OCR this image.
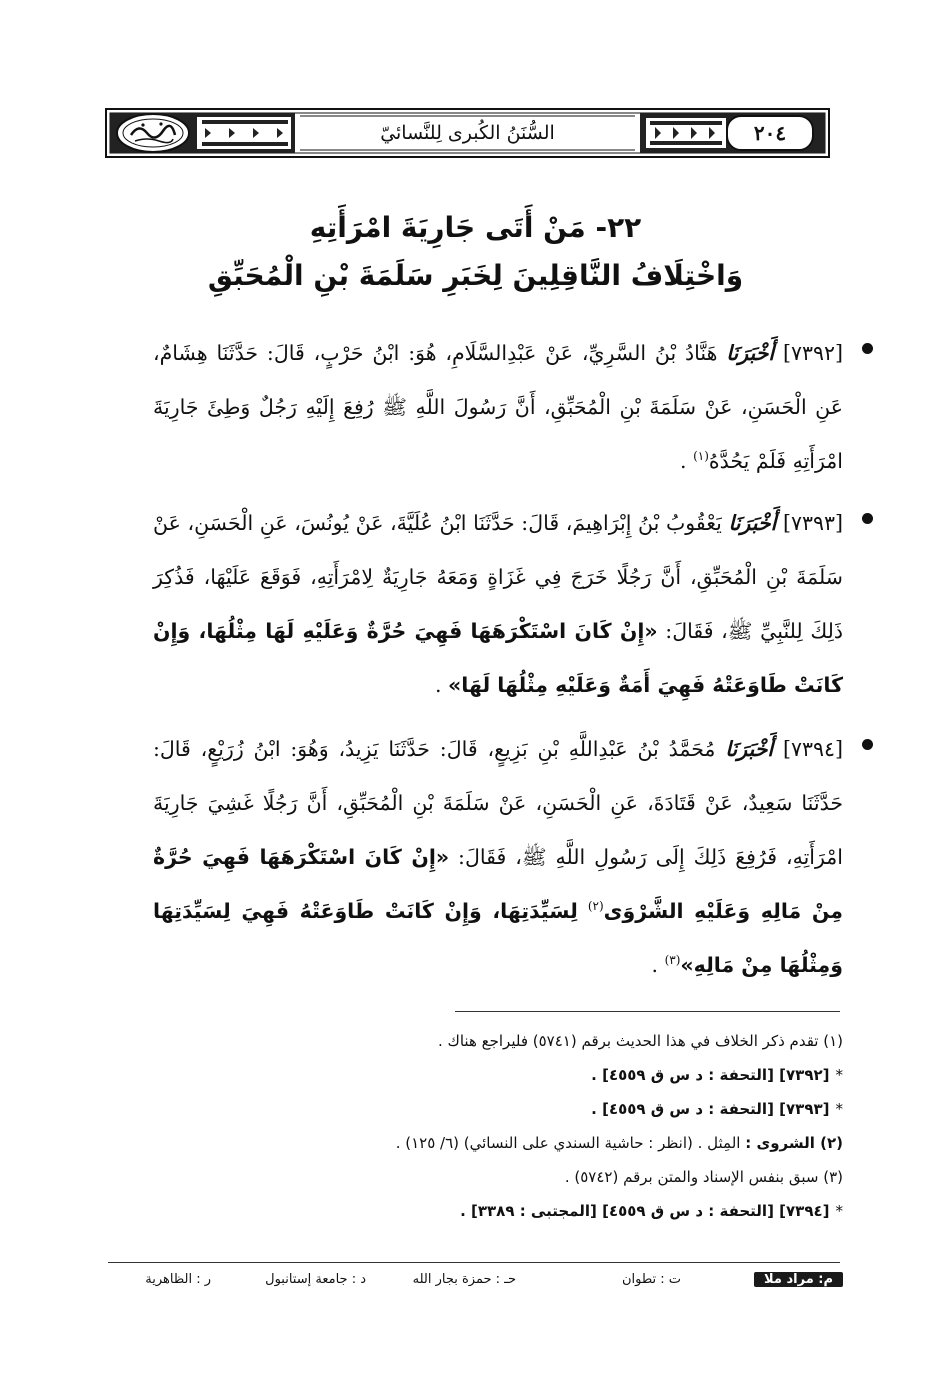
السُّنَنُ الكُبرى لِلنَّسائيّ	٢٠٤
٢٢- مَنْ أَتَى جَارِيَةَ امْرَأَتِهِ
وَاخْتِلَافُ النَّاقِلِينَ لِخَبَرِ سَلَمَةَ بْنِ الْمُحَبِّقِ
[٧٣٩٢] أَخْبَرَنَا هَنَّادُ بْنُ السَّرِيِّ، عَنْ عَبْدِالسَّلَامِ، هُوَ: ابْنُ حَرْبٍ، قَالَ: حَدَّثَنَا هِشَامٌ، عَنِ الْحَسَنِ، عَنْ سَلَمَةَ بْنِ الْمُحَبِّقِ، أَنَّ رَسُولَ اللَّهِ ﷺ رُفِعَ إِلَيْهِ رَجُلٌ وَطِئَ جَارِيَةَ امْرَأَتِهِ فَلَمْ يَحُدَّهُ$^{(١)}$ .
[٧٣٩٣] أَخْبَرَنَا يَعْقُوبُ بْنُ إِبْرَاهِيمَ، قَالَ: حَدَّثَنَا ابْنُ عُلَيَّةَ، عَنْ يُونُسَ، عَنِ الْحَسَنِ، عَنْ سَلَمَةَ بْنِ الْمُحَبِّقِ، أَنَّ رَجُلًا خَرَجَ فِي غَزَاةٍ وَمَعَهُ جَارِيَةٌ لِامْرَأَتِهِ، فَوَقَعَ عَلَيْهَا، فَذُكِرَ ذَلِكَ لِلنَّبِيِّ ﷺ، فَقَالَ: «إِنْ كَانَ اسْتَكْرَهَهَا فَهِيَ حُرَّةٌ وَعَلَيْهِ لَهَا مِثْلُهَا، وَإِنْ كَانَتْ طَاوَعَتْهُ فَهِيَ أَمَةٌ وَعَلَيْهِ مِثْلُهَا لَهَا» .
[٧٣٩٤] أَخْبَرَنَا مُحَمَّدُ بْنُ عَبْدِاللَّهِ بْنِ بَزِيعٍ، قَالَ: حَدَّثَنَا يَزِيدُ، وَهُوَ: ابْنُ زُرَيْعٍ، قَالَ: حَدَّثَنَا سَعِيدٌ، عَنْ قَتَادَةَ، عَنِ الْحَسَنِ، عَنْ سَلَمَةَ بْنِ الْمُحَبِّقِ، أَنَّ رَجُلًا غَشِيَ جَارِيَةَ امْرَأَتِهِ، فَرُفِعَ ذَلِكَ إِلَى رَسُولِ اللَّهِ ﷺ، فَقَالَ: «إِنْ كَانَ اسْتَكْرَهَهَا فَهِيَ حُرَّةٌ مِنْ مَالِهِ وَعَلَيْهِ الشَّرْوَى$^{(٢)}$ لِسَيِّدَتِهَا، وَإِنْ كَانَتْ طَاوَعَتْهُ فَهِيَ لِسَيِّدَتِهَا وَمِثْلُهَا مِنْ مَالِهِ»$^{(٣)}$ .
(١) تقدم ذكر الخلاف في هذا الحديث برقم (٥٧٤١) فليراجع هناك .
*[٧٣٩٢] [التحفة : د س ق ٤٥٥٩] .
*[٧٣٩٣] [التحفة : د س ق ٤٥٥٩] .
(٢) الشروى : المِثل . (انظر : حاشية السندي على النسائي) (٦/ ١٢٥) .
(٣) سبق بنفس الإسناد والمتن برقم (٥٧٤٢) .
*[٧٣٩٤] [التحفة : د س ق ٤٥٥٩] [المجتبى : ٣٣٨٩] .
م: مراد ملا
ت : تطوان
حـ : حمزة بجار الله
د : جامعة إستانبول
ر : الظاهرية
